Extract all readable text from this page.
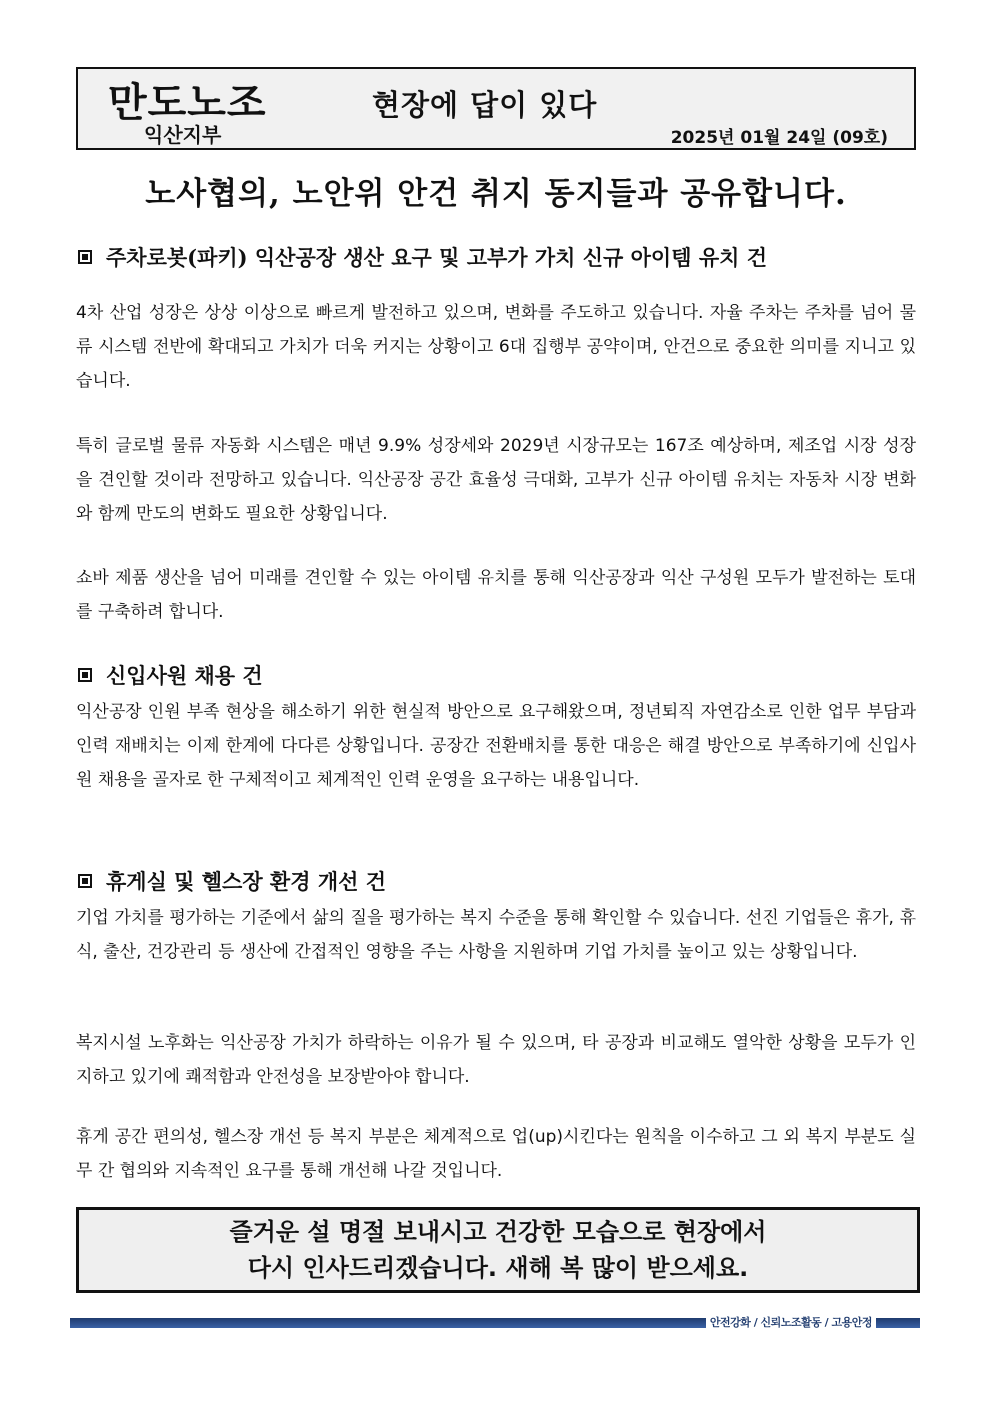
만도노조
익산지부
현장에 답이 있다
2025년 01월 24일 (09호)
노사협의, 노안위 안건 취지 동지들과 공유합니다.
주차로봇(파키) 익산공장 생산 요구 및 고부가 가치 신규 아이템 유치 건

4차 산업 성장은 상상 이상으로 빠르게 발전하고 있으며, 변화를 주도하고 있습니다. 자율 주차는 주차를 넘어 물류 시스템 전반에 확대되고 가치가 더욱 커지는 상황이고 6대 집행부 공약이며, 안건으로 중요한 의미를 지니고 있습니다.

특히 글로벌 물류 자동화 시스템은 매년 9.9% 성장세와 2029년 시장규모는 167조 예상하며, 제조업 시장 성장을 견인할 것이라 전망하고 있습니다. 익산공장 공간 효율성 극대화, 고부가 신규 아이템 유치는 자동차 시장 변화와 함께 만도의 변화도 필요한 상황입니다.

쇼바 제품 생산을 넘어 미래를 견인할 수 있는 아이템 유치를 통해 익산공장과 익산 구성원 모두가 발전하는 토대를 구축하려 합니다.

신입사원 채용 건

익산공장 인원 부족 현상을 해소하기 위한 현실적 방안으로 요구해왔으며, 정년퇴직 자연감소로 인한 업무 부담과 인력 재배치는 이제 한계에 다다른 상황입니다. 공장간 전환배치를 통한 대응은 해결 방안으로 부족하기에 신입사원 채용을 골자로 한 구체적이고 체계적인 인력 운영을 요구하는 내용입니다.

휴게실 및 헬스장 환경 개선 건

기업 가치를 평가하는 기준에서 삶의 질을 평가하는 복지 수준을 통해 확인할 수 있습니다. 선진 기업들은 휴가, 휴식, 출산, 건강관리 등 생산에 간접적인 영향을 주는 사항을 지원하며 기업 가치를 높이고 있는 상황입니다.

복지시설 노후화는 익산공장 가치가 하락하는 이유가 될 수 있으며, 타 공장과 비교해도 열악한 상황을 모두가 인지하고 있기에 쾌적함과 안전성을 보장받아야 합니다.

휴게 공간 편의성, 헬스장 개선 등 복지 부분은 체계적으로 업(up)시킨다는 원칙을 이수하고 그 외 복지 부분도 실무 간 협의와 지속적인 요구를 통해 개선해 나갈 것입니다.

즐거운 설 명절 보내시고 건강한 모습으로 현장에서
다시 인사드리겠습니다. 새해 복 많이 받으세요.
안전강화 / 신뢰노조활동 / 고용안정
